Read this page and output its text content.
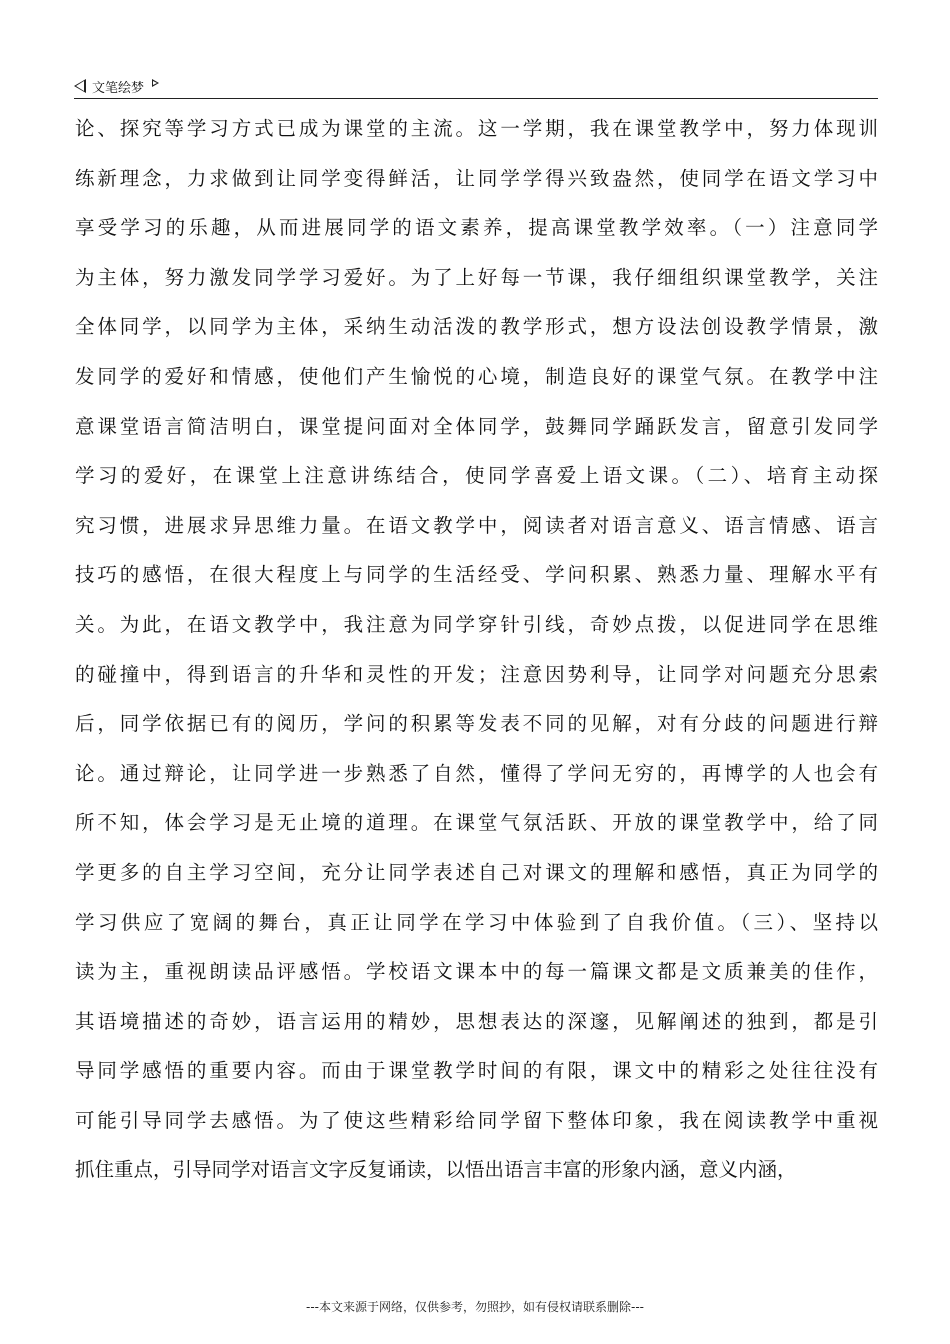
文笔绘梦
论、探究等学习方式已成为课堂的主流。这一学期，我在课堂教学中，努力体现训
练新理念，力求做到让同学变得鲜活，让同学学得兴致盎然，使同学在语文学习中
享受学习的乐趣，从而进展同学的语文素养，提高课堂教学效率。（一）注意同学
为主体，努力激发同学学习爱好。为了上好每一节课，我仔细组织课堂教学，关注
全体同学，以同学为主体，采纳生动活泼的教学形式，想方设法创设教学情景，激
发同学的爱好和情感，使他们产生愉悦的心境，制造良好的课堂气氛。在教学中注
意课堂语言简洁明白，课堂提问面对全体同学，鼓舞同学踊跃发言，留意引发同学
学习的爱好，在课堂上注意讲练结合，使同学喜爱上语文课。（二）、培育主动探
究习惯，进展求异思维力量。在语文教学中，阅读者对语言意义、语言情感、语言
技巧的感悟，在很大程度上与同学的生活经受、学问积累、熟悉力量、理解水平有
关。为此，在语文教学中，我注意为同学穿针引线，奇妙点拨，以促进同学在思维
的碰撞中，得到语言的升华和灵性的开发；注意因势利导，让同学对问题充分思索
后，同学依据已有的阅历，学问的积累等发表不同的见解，对有分歧的问题进行辩
论。通过辩论，让同学进一步熟悉了自然，懂得了学问无穷的，再博学的人也会有
所不知，体会学习是无止境的道理。在课堂气氛活跃、开放的课堂教学中，给了同
学更多的自主学习空间，充分让同学表述自己对课文的理解和感悟，真正为同学的
学习供应了宽阔的舞台，真正让同学在学习中体验到了自我价值。（三）、坚持以
读为主，重视朗读品评感悟。学校语文课本中的每一篇课文都是文质兼美的佳作，
其语境描述的奇妙，语言运用的精妙，思想表达的深邃，见解阐述的独到，都是引
导同学感悟的重要内容。而由于课堂教学时间的有限，课文中的精彩之处往往没有
可能引导同学去感悟。为了使这些精彩给同学留下整体印象，我在阅读教学中重视
抓住重点，引导同学对语言文字反复诵读，以悟出语言丰富的形象内涵，意义内涵，
---本文来源于网络，仅供参考，勿照抄，如有侵权请联系删除---
